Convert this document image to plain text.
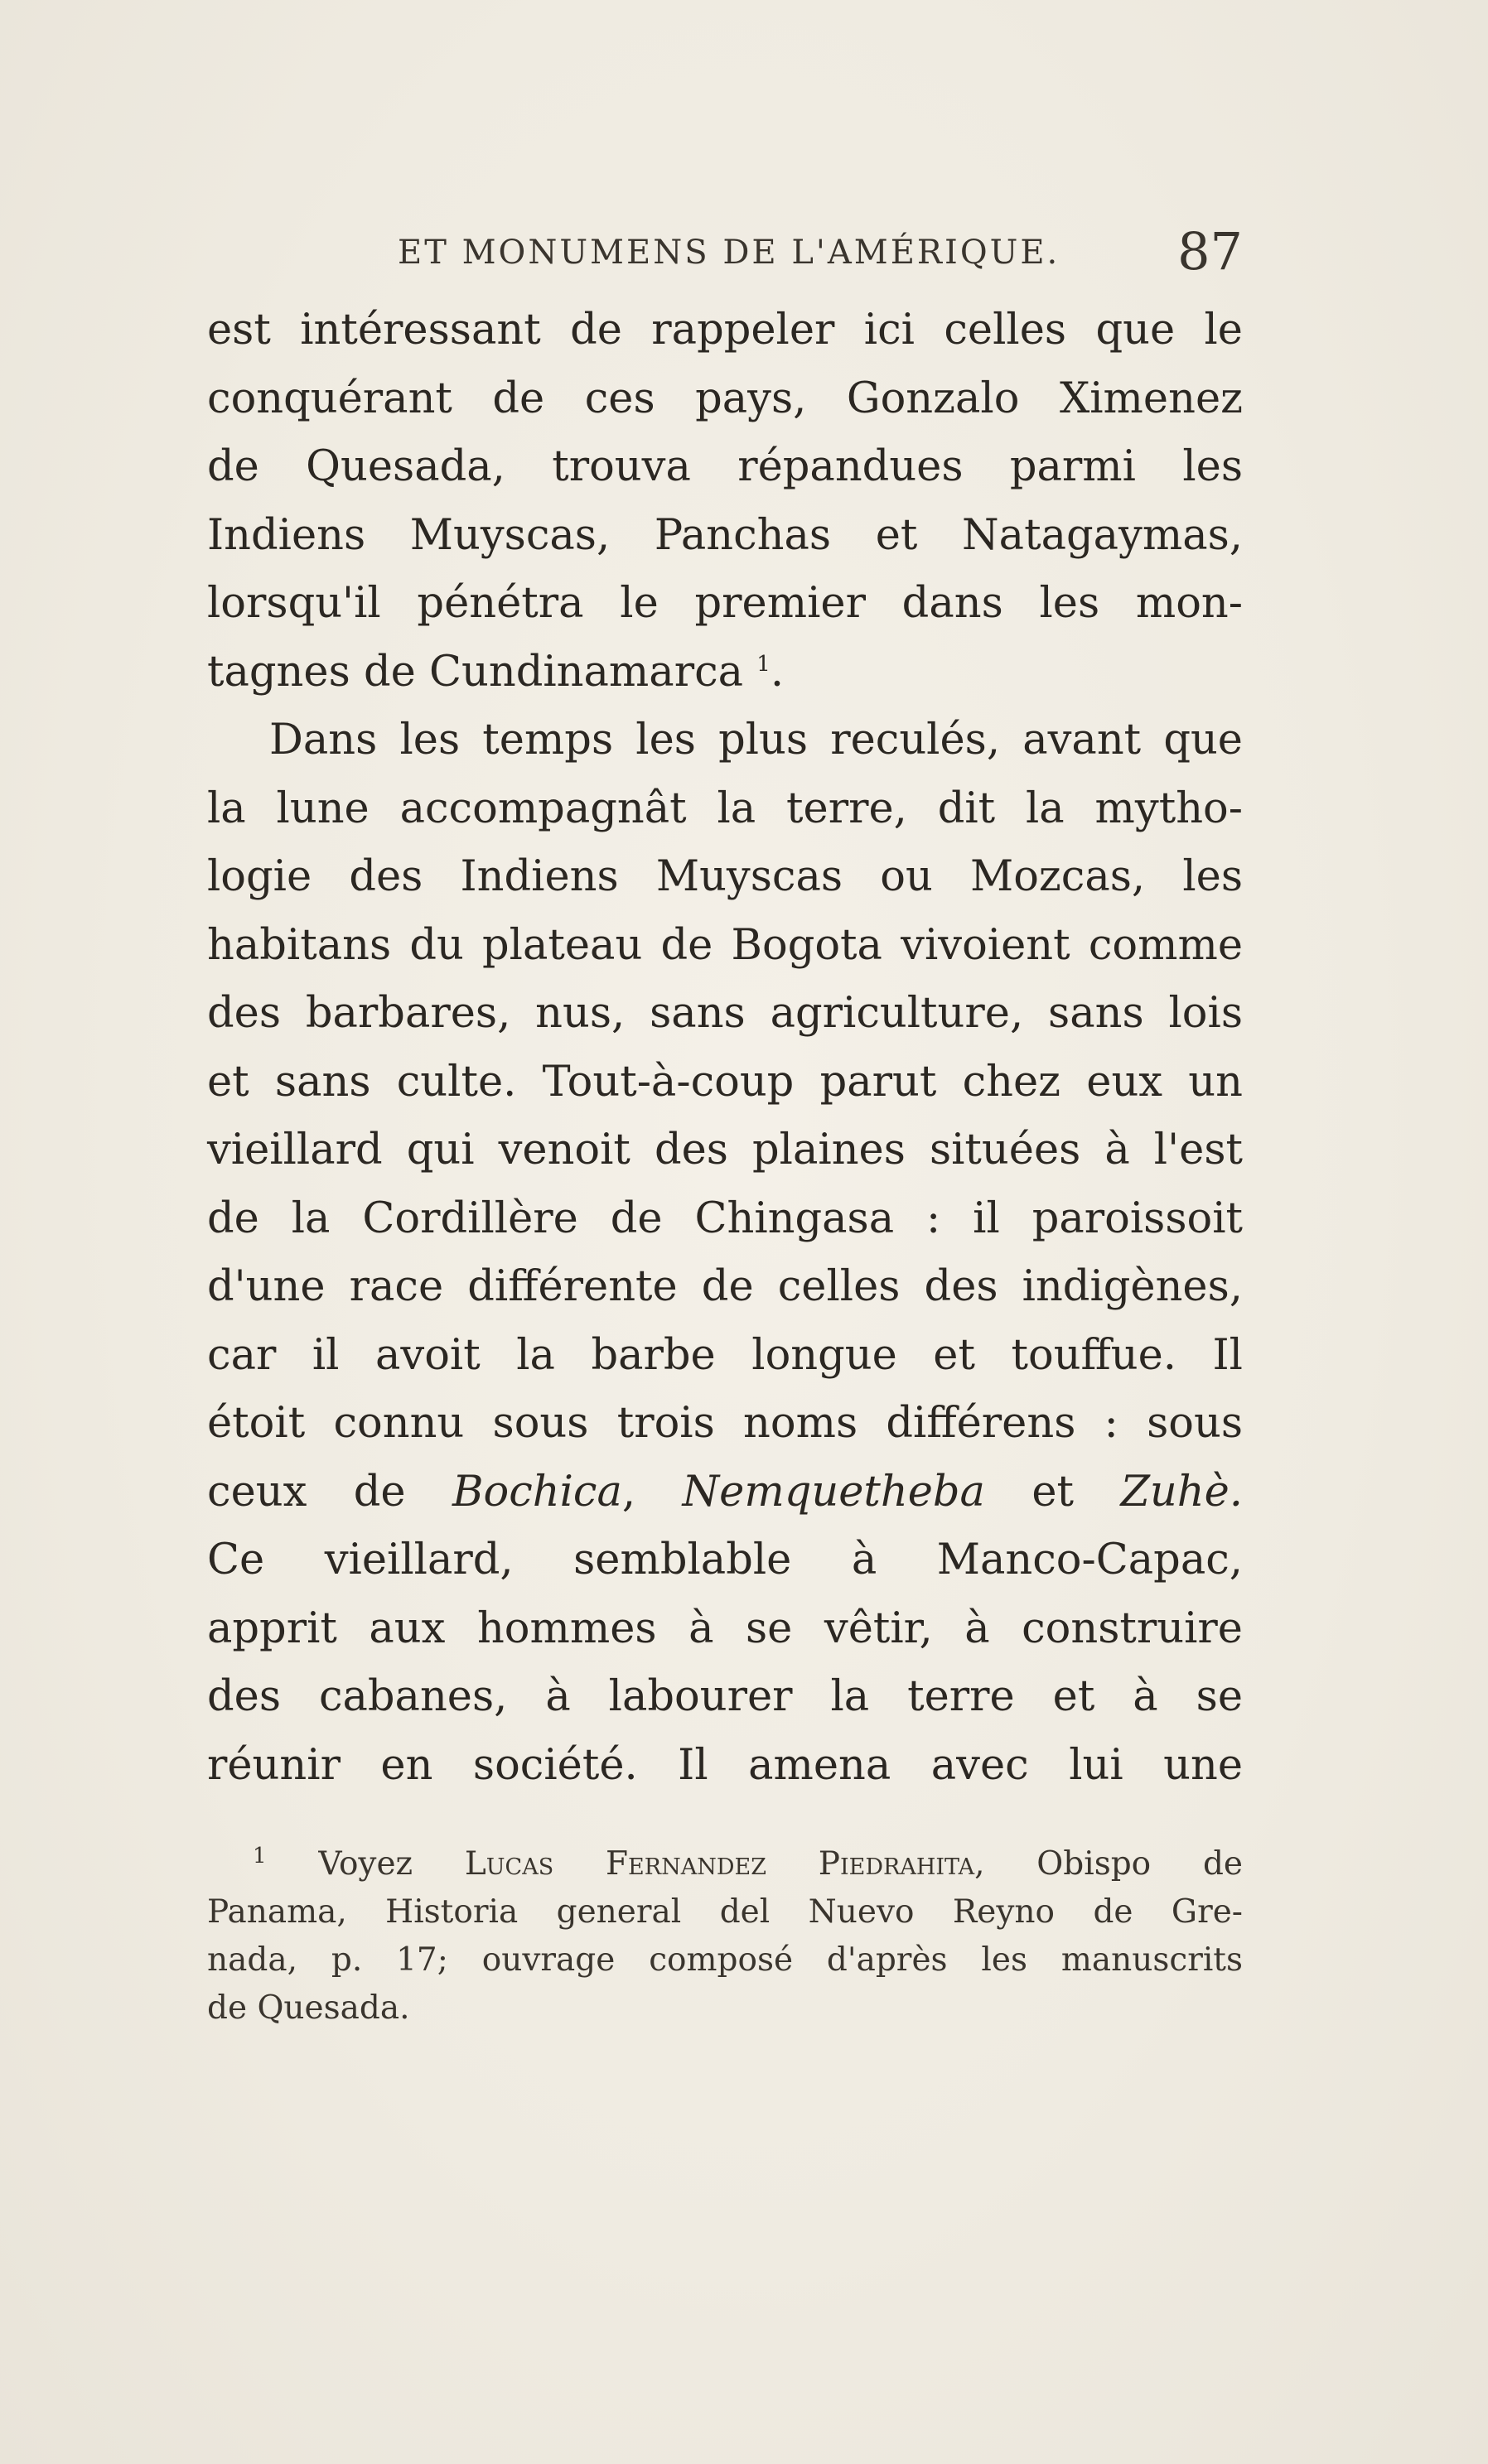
ET MONUMENS DE L'AMÉRIQUE. 87
est intéressant de rappeler ici celles que le
conquérant de ces pays, Gonzalo Ximenez
de Quesada, trouva répandues parmi les
Indiens Muyscas, Panchas et Natagaymas,
lorsqu'il pénétra le premier dans les mon-
tagnes de Cundinamarca $^1$.
Dans les temps les plus reculés, avant que
la lune accompagnât la terre, dit la mytho-
logie des Indiens Muyscas ou Mozcas, les
habitans du plateau de Bogota vivoient comme
des barbares, nus, sans agriculture, sans lois
et sans culte. Tout-à-coup parut chez eux un
vieillard qui venoit des plaines situées à l'est
de la Cordillère de Chingasa : il paroissoit
d'une race différente de celles des indigènes,
car il avoit la barbe longue et touffue. Il
étoit connu sous trois noms différens : sous
ceux de Bochica, Nemquetheba et Zuhè.
Ce vieillard, semblable à Manco-Capac,
apprit aux hommes à se vêtir, à construire
des cabanes, à labourer la terre et à se
réunir en société. Il amena avec lui une
$^1$ Voyez Lucas Fernandez Piedrahita, Obispo de
Panama, Historia general del Nuevo Reyno de Gre-
nada, p. 17; ouvrage composé d'après les manuscrits
de Quesada.
